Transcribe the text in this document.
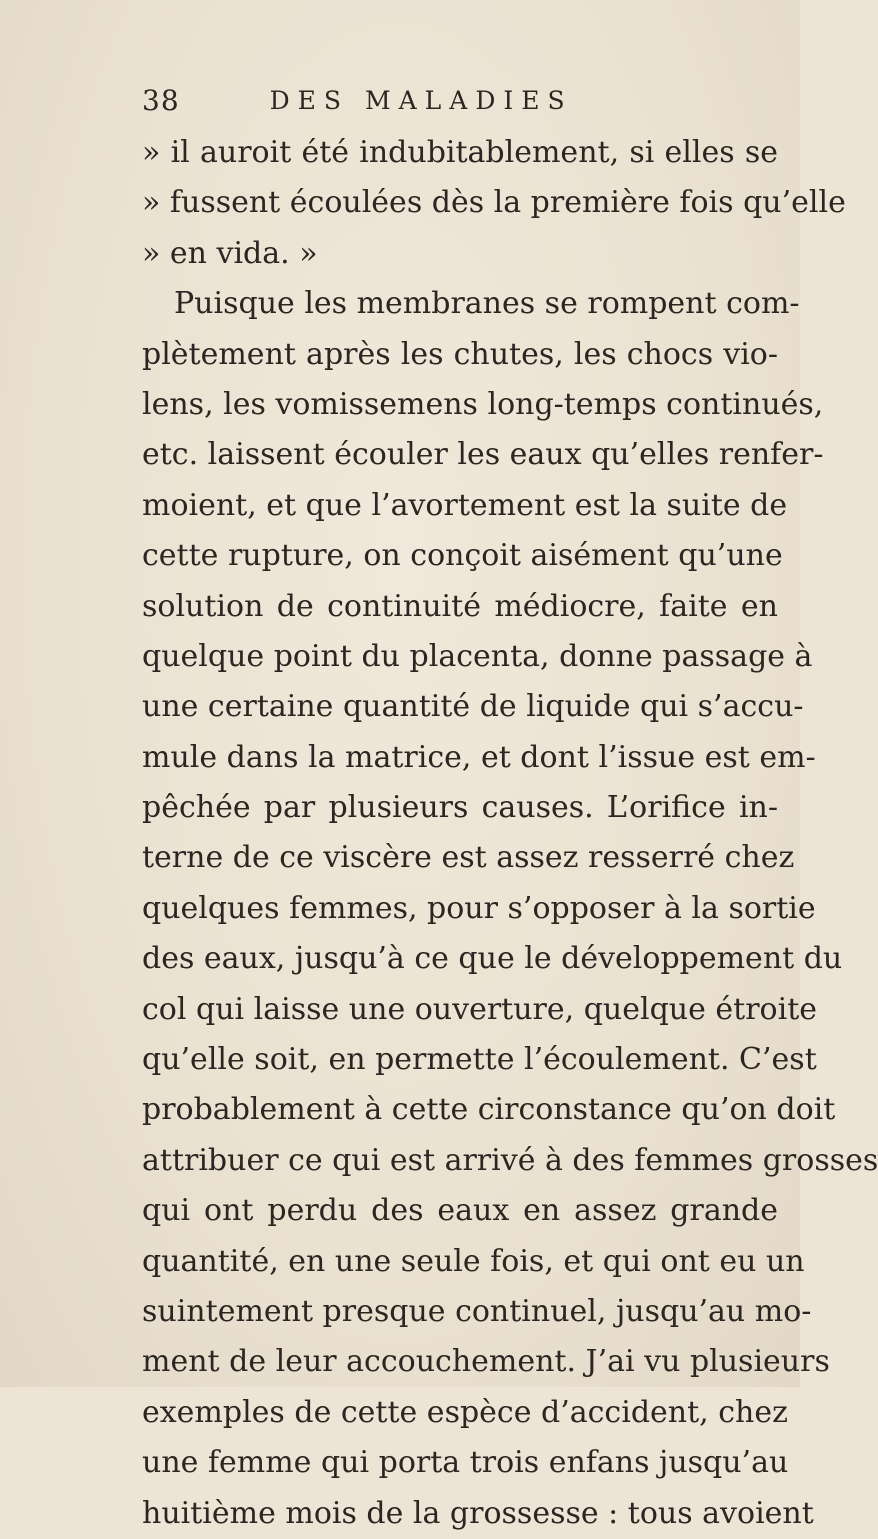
38	DES MALADIES
» il auroit été indubitablement, si elles se
» fussent écoulées dès la première fois qu’elle
» en vida. »
Puisque les membranes se rompent com-
plètement après les chutes, les chocs vio-
lens, les vomissemens long-temps continués,
etc. laissent écouler les eaux qu’elles renfer-
moient, et que l’avortement est la suite de
cette rupture, on conçoit aisément qu’une
solution de continuité médiocre, faite en
quelque point du placenta, donne passage à
une certaine quantité de liquide qui s’accu-
mule dans la matrice, et dont l’issue est em-
pêchée par plusieurs causes. L’orifice in-
terne de ce viscère est assez resserré chez
quelques femmes, pour s’opposer à la sortie
des eaux, jusqu’à ce que le développement du
col qui laisse une ouverture, quelque étroite
qu’elle soit, en permette l’écoulement. C’est
probablement à cette circonstance qu’on doit
attribuer ce qui est arrivé à des femmes grosses
qui ont perdu des eaux en assez grande
quantité, en une seule fois, et qui ont eu un
suintement presque continuel, jusqu’au mo-
ment de leur accouchement. J’ai vu plusieurs
exemples de cette espèce d’accident, chez
une femme qui porta trois enfans jusqu’au
huitième mois de la grossesse : tous avoient
